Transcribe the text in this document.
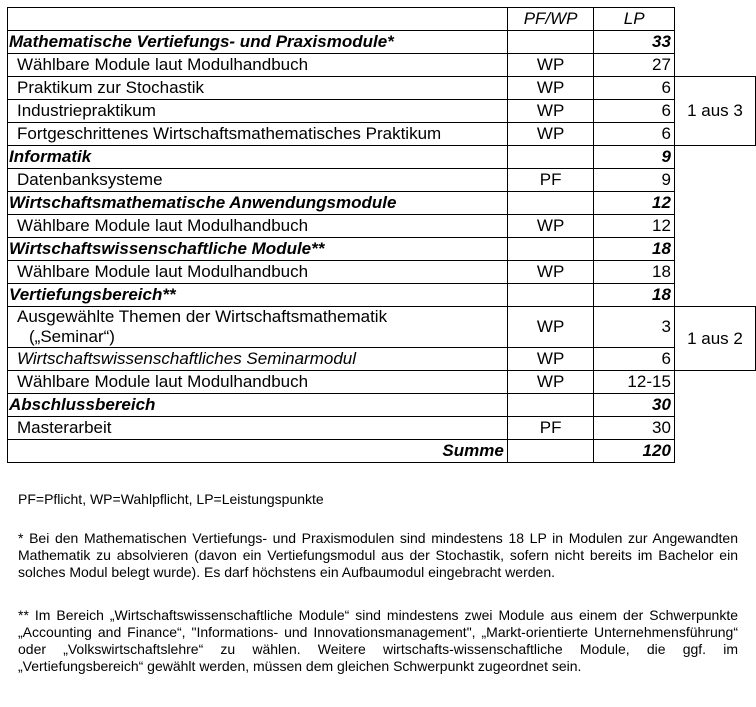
	PF/WP	LP	
Mathematische Vertiefungs- und Praxismodule*		33	
Wählbare Module laut Modulhandbuch	WP	27	
Praktikum zur Stochastik	WP	6	1 aus 3
Industriepraktikum	WP	6	
Fortgeschrittenes Wirtschaftsmathematisches Praktikum	WP	6	
Informatik		9	
Datenbanksysteme	PF	9	
Wirtschaftsmathematische Anwendungsmodule		12	
Wählbare Module laut Modulhandbuch	WP	12	
Wirtschaftswissenschaftliche Module**		18	
Wählbare Module laut Modulhandbuch	WP	18	
Vertiefungsbereich**		18	
Ausgewählte Themen der Wirtschaftsmathematik
(„Seminar“)	WP	3	1 aus 2
Wirtschaftswissenschaftliches Seminarmodul	WP	6	
Wählbare Module laut Modulhandbuch	WP	12-15	
Abschlussbereich		30	
Masterarbeit	PF	30	
Summe		120	
PF=Pflicht, WP=Wahlpflicht, LP=Leistungspunkte
* Bei den Mathematischen Vertiefungs- und Praxismodulen sind mindestens 18 LP in Modulen zur Angewandten Mathematik zu absolvieren (davon ein Vertiefungsmodul aus der Stochastik, sofern nicht bereits im Bachelor ein solches Modul belegt wurde). Es darf höchstens ein Aufbaumodul eingebracht werden.
** Im Bereich „Wirtschaftswissenschaftliche Module“ sind mindestens zwei Module aus einem der Schwerpunkte „Accounting and Finance“, "Informations- und Innovationsmanagement", „Markt-orientierte Unternehmensführung“ oder „Volkswirtschaftslehre“ zu wählen. Weitere wirtschafts-wissenschaftliche Module, die ggf. im „Vertiefungsbereich“ gewählt werden, müssen dem gleichen Schwerpunkt zugeordnet sein.
